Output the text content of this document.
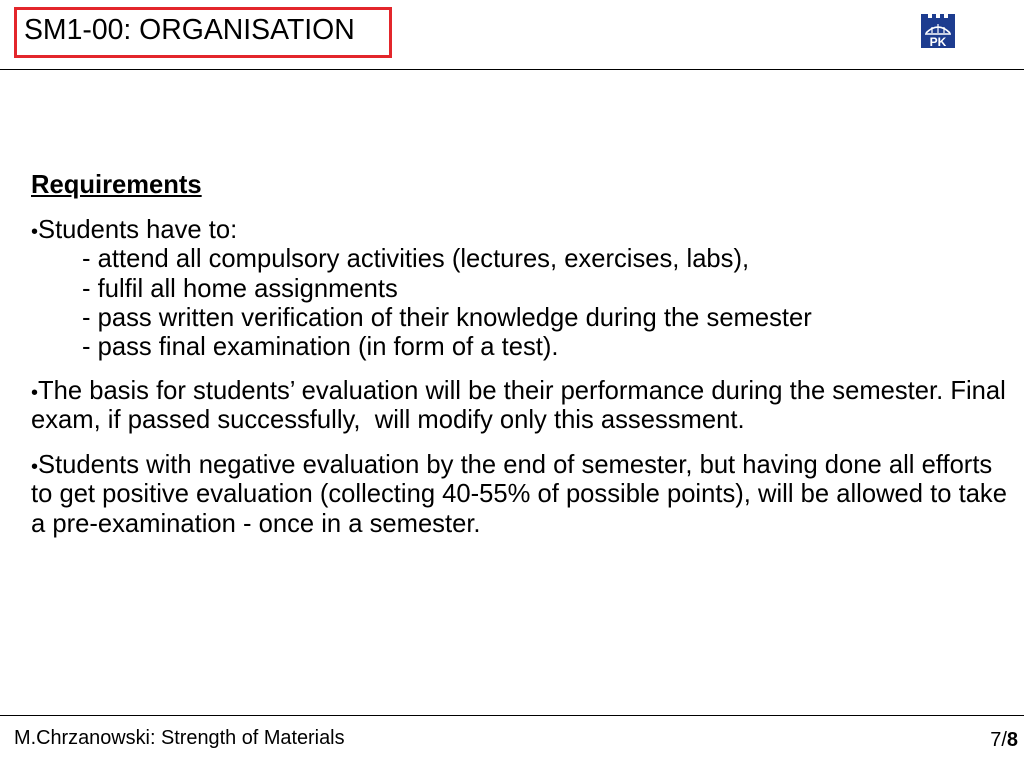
SM1-00: ORGANISATION	PK
Requirements
•Students have to:
- attend all compulsory activities (lectures, exercises, labs),
- fulfil all home assignments
- pass written verification of their knowledge during the semester
- pass final examination (in form of a test).
•The basis for students’ evaluation will be their performance during the semester. Final
exam, if passed successfully,  will modify only this assessment.
•Students with negative evaluation by the end of semester, but having done all efforts
to get positive evaluation (collecting 40-55% of possible points), will be allowed to take
a pre-examination - once in a semester.
M.Chrzanowski: Strength of Materials	7/8
